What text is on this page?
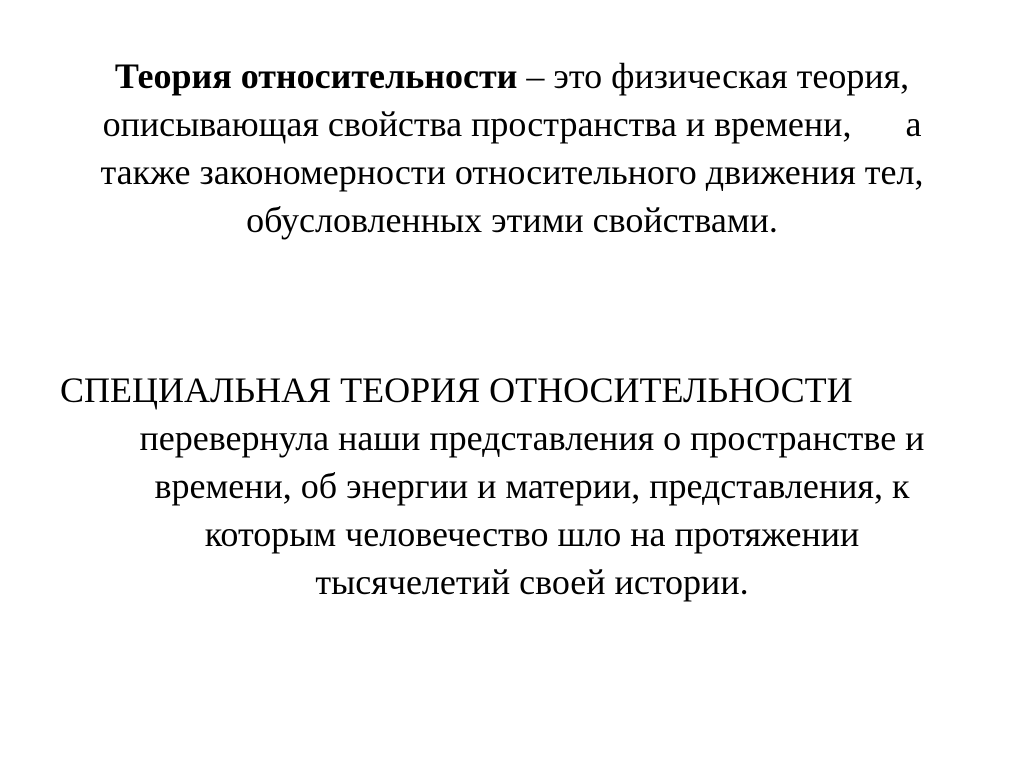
Теория относительности – это физическая теория,
описывающая свойства пространства и времени,      а
также закономерности относительного движения тел,
обусловленных этими свойствами.
СПЕЦИАЛЬНАЯ ТЕОРИЯ ОТНОСИТЕЛЬНОСТИ
перевернула наши представления о пространстве и
времени, об энергии и материи, представления, к
которым человечество шло на протяжении
тысячелетий своей истории.
